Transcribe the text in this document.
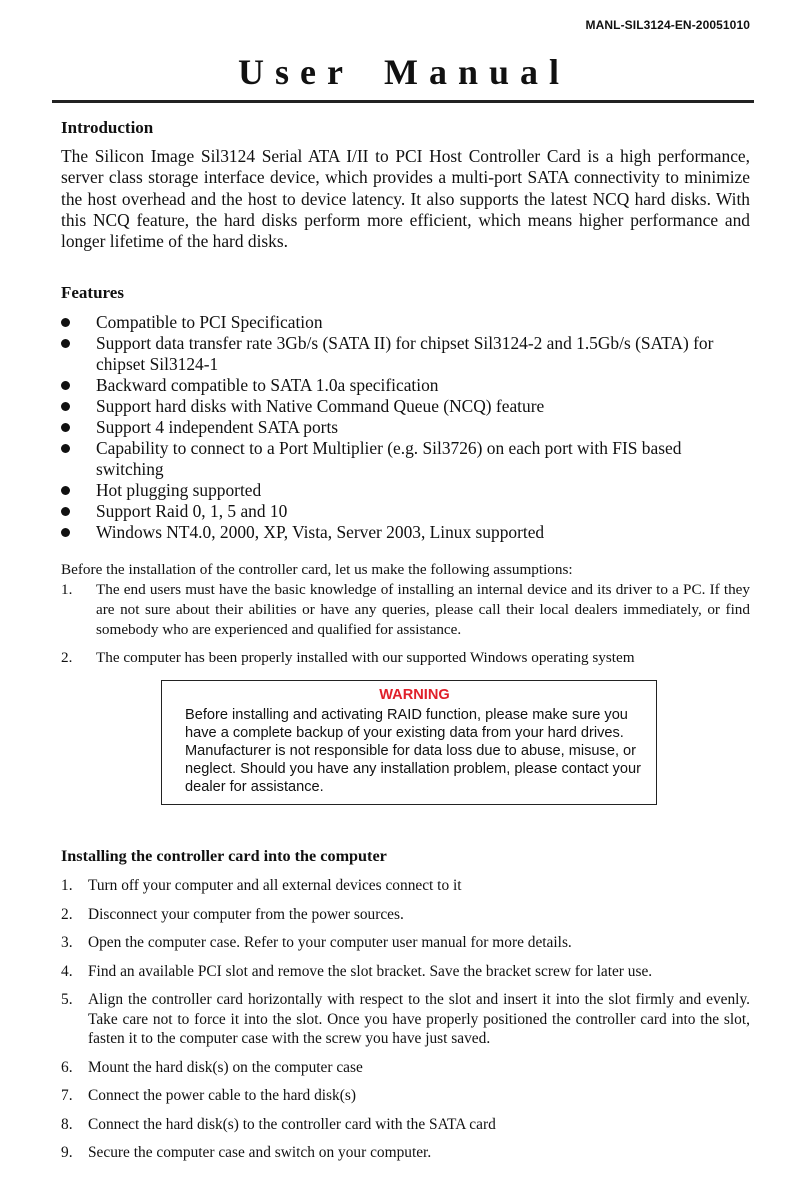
MANL-SIL3124-EN-20051010
User Manual
Introduction

The Silicon Image Sil3124 Serial ATA I/II to PCI Host Controller Card is a high performance, server class storage interface device, which provides a multi-port SATA connectivity to minimize the host overhead and the host to device latency. It also supports the latest NCQ hard disks. With this NCQ feature, the hard disks perform more efficient, which means higher performance and longer lifetime of the hard disks.

Features
Compatible to PCI Specification
Support data transfer rate 3Gb/s (SATA II) for chipset Sil3124-2 and 1.5Gb/s (SATA) for chipset Sil3124-1
Backward compatible to SATA 1.0a specification
Support hard disks with Native Command Queue (NCQ) feature
Support 4 independent SATA ports
Capability to connect to a Port Multiplier (e.g. Sil3726) on each port with FIS based switching
Hot plugging supported
Support Raid 0, 1, 5 and 10
Windows NT4.0, 2000, XP, Vista, Server 2003, Linux supported

Before the installation of the controller card, let us make the following assumptions:

1. The end users must have the basic knowledge of installing an internal device and its driver to a PC. If they are not sure about their abilities or have any queries, please call their local dealers immediately, or find somebody who are experienced and qualified for assistance.
2. The computer has been properly installed with our supported Windows operating system
WARNING
Before installing and activating RAID function, please make sure you have a complete backup of your existing data from your hard drives. Manufacturer is not responsible for data loss due to abuse, misuse, or neglect. Should you have any installation problem, please contact your dealer for assistance.
Installing the controller card into the computer
1. Turn off your computer and all external devices connect to it
2. Disconnect your computer from the power sources.
3. Open the computer case. Refer to your computer user manual for more details.
4. Find an available PCI slot and remove the slot bracket. Save the bracket screw for later use.
5. Align the controller card horizontally with respect to the slot and insert it into the slot firmly and evenly. Take care not to force it into the slot. Once you have properly positioned the controller card into the slot, fasten it to the computer case with the screw you have just saved.
6. Mount the hard disk(s) on the computer case
7. Connect the power cable to the hard disk(s)
8. Connect the hard disk(s) to the controller card with the SATA card
9. Secure the computer case and switch on your computer.
